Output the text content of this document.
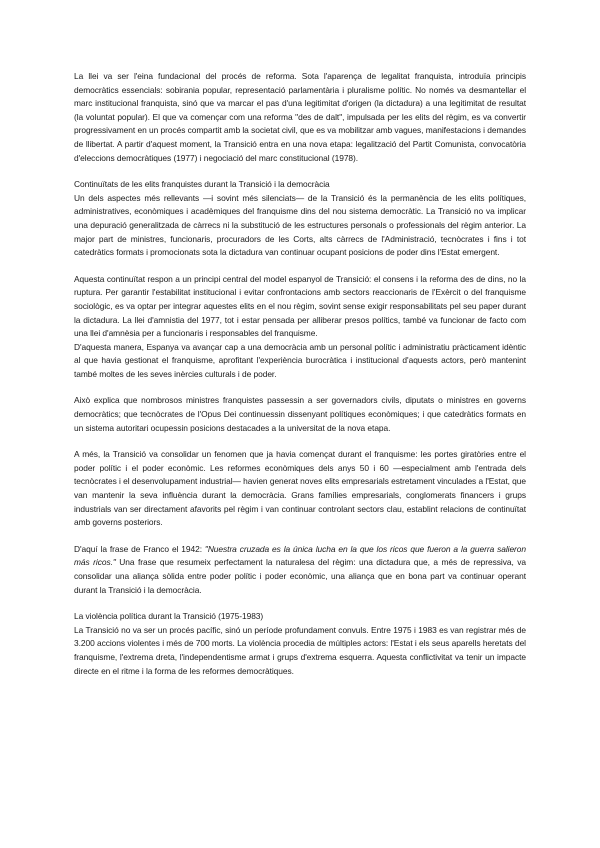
La llei va ser l'eina fundacional del procés de reforma. Sota l'aparença de legalitat franquista, introduïa principis democràtics essencials: sobirania popular, representació parlamentària i pluralisme polític. No només va desmantellar el marc institucional franquista, sinó que va marcar el pas d'una legitimitat d'origen (la dictadura) a una legitimitat de resultat (la voluntat popular). El que va començar com una reforma "des de dalt", impulsada per les elits del règim, es va convertir progressivament en un procés compartit amb la societat civil, que es va mobilitzar amb vagues, manifestacions i demandes de llibertat. A partir d'aquest moment, la Transició entra en una nova etapa: legalització del Partit Comunista, convocatòria d'eleccions democràtiques (1977) i negociació del marc constitucional (1978).

Continuïtats de les elits franquistes durant la Transició i la democràcia

Un dels aspectes més rellevants —i sovint més silenciats— de la Transició és la permanència de les elits polítiques, administratives, econòmiques i acadèmiques del franquisme dins del nou sistema democràtic. La Transició no va implicar una depuració generalitzada de càrrecs ni la substitució de les estructures personals o professionals del règim anterior. La major part de ministres, funcionaris, procuradors de les Corts, alts càrrecs de l'Administració, tecnòcrates i fins i tot catedràtics formats i promocionats sota la dictadura van continuar ocupant posicions de poder dins l'Estat emergent.

Aquesta continuïtat respon a un principi central del model espanyol de Transició: el consens i la reforma des de dins, no la ruptura. Per garantir l'estabilitat institucional i evitar confrontacions amb sectors reaccionaris de l'Exèrcit o del franquisme sociològic, es va optar per integrar aquestes elits en el nou règim, sovint sense exigir responsabilitats pel seu paper durant la dictadura. La llei d'amnistia del 1977, tot i estar pensada per alliberar presos polítics, també va funcionar de facto com una llei d'amnèsia per a funcionaris i responsables del franquisme.

D'aquesta manera, Espanya va avançar cap a una democràcia amb un personal polític i administratiu pràcticament idèntic al que havia gestionat el franquisme, aprofitant l'experiència burocràtica i institucional d'aquests actors, però mantenint també moltes de les seves inèrcies culturals i de poder.

Això explica que nombrosos ministres franquistes passessin a ser governadors civils, diputats o ministres en governs democràtics; que tecnòcrates de l'Opus Dei continuessin dissenyant polítiques econòmiques; i que catedràtics formats en un sistema autoritari ocupessin posicions destacades a la universitat de la nova etapa.

A més, la Transició va consolidar un fenomen que ja havia començat durant el franquisme: les portes giratòries entre el poder polític i el poder econòmic. Les reformes econòmiques dels anys 50 i 60 —especialment amb l'entrada dels tecnòcrates i el desenvolupament industrial— havien generat noves elits empresarials estretament vinculades a l'Estat, que van mantenir la seva influència durant la democràcia. Grans famílies empresarials, conglomerats financers i grups industrials van ser directament afavorits pel règim i van continuar controlant sectors clau, establint relacions de continuïtat amb governs posteriors.

D'aquí la frase de Franco el 1942: "Nuestra cruzada es la única lucha en la que los ricos que fueron a la guerra salieron más ricos." Una frase que resumeix perfectament la naturalesa del règim: una dictadura que, a més de repressiva, va consolidar una aliança sòlida entre poder polític i poder econòmic, una aliança que en bona part va continuar operant durant la Transició i la democràcia.

La violència política durant la Transició (1975-1983)

La Transició no va ser un procés pacífic, sinó un període profundament convuls. Entre 1975 i 1983 es van registrar més de 3.200 accions violentes i més de 700 morts. La violència procedia de múltiples actors: l'Estat i els seus aparells heretats del franquisme, l'extrema dreta, l'independentisme armat i grups d'extrema esquerra. Aquesta conflictivitat va tenir un impacte directe en el ritme i la forma de les reformes democràtiques.
